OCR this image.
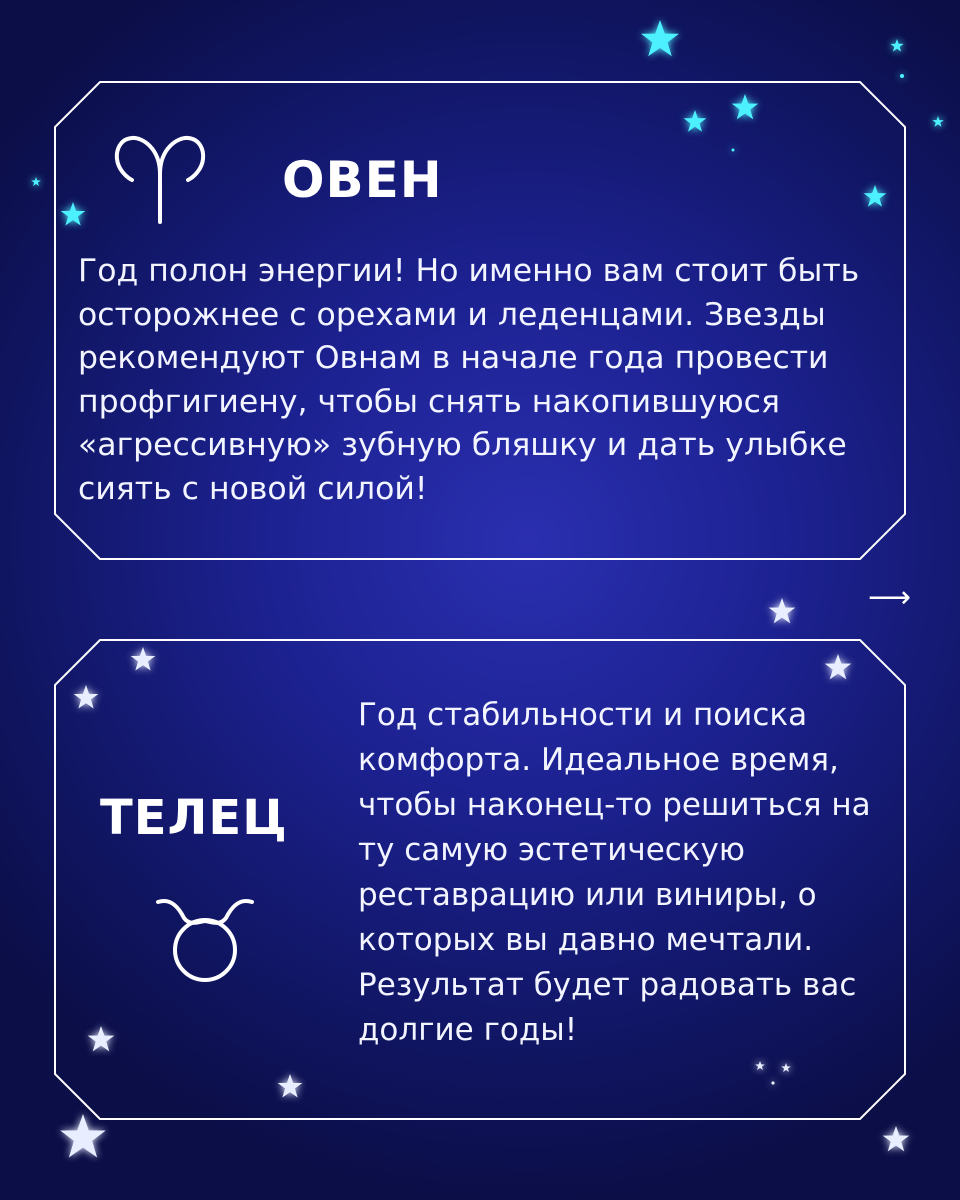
ОВЕН

Год полон энергии! Но именно вам стоит быть осторожнее с орехами и леденцами. Звезды рекомендуют Овнам в начале года провести профгигиену, чтобы снять накопившуюся «агрессивную» зубную бляшку и дать улыбке сиять с новой силой!

⟶
ТЕЛЕЦ

Год стабильности и поиска комфорта. Идеальное время, чтобы наконец-то решиться на ту самую эстетическую реставрацию или виниры, о которых вы давно мечтали. Результат будет радовать вас долгие годы!
